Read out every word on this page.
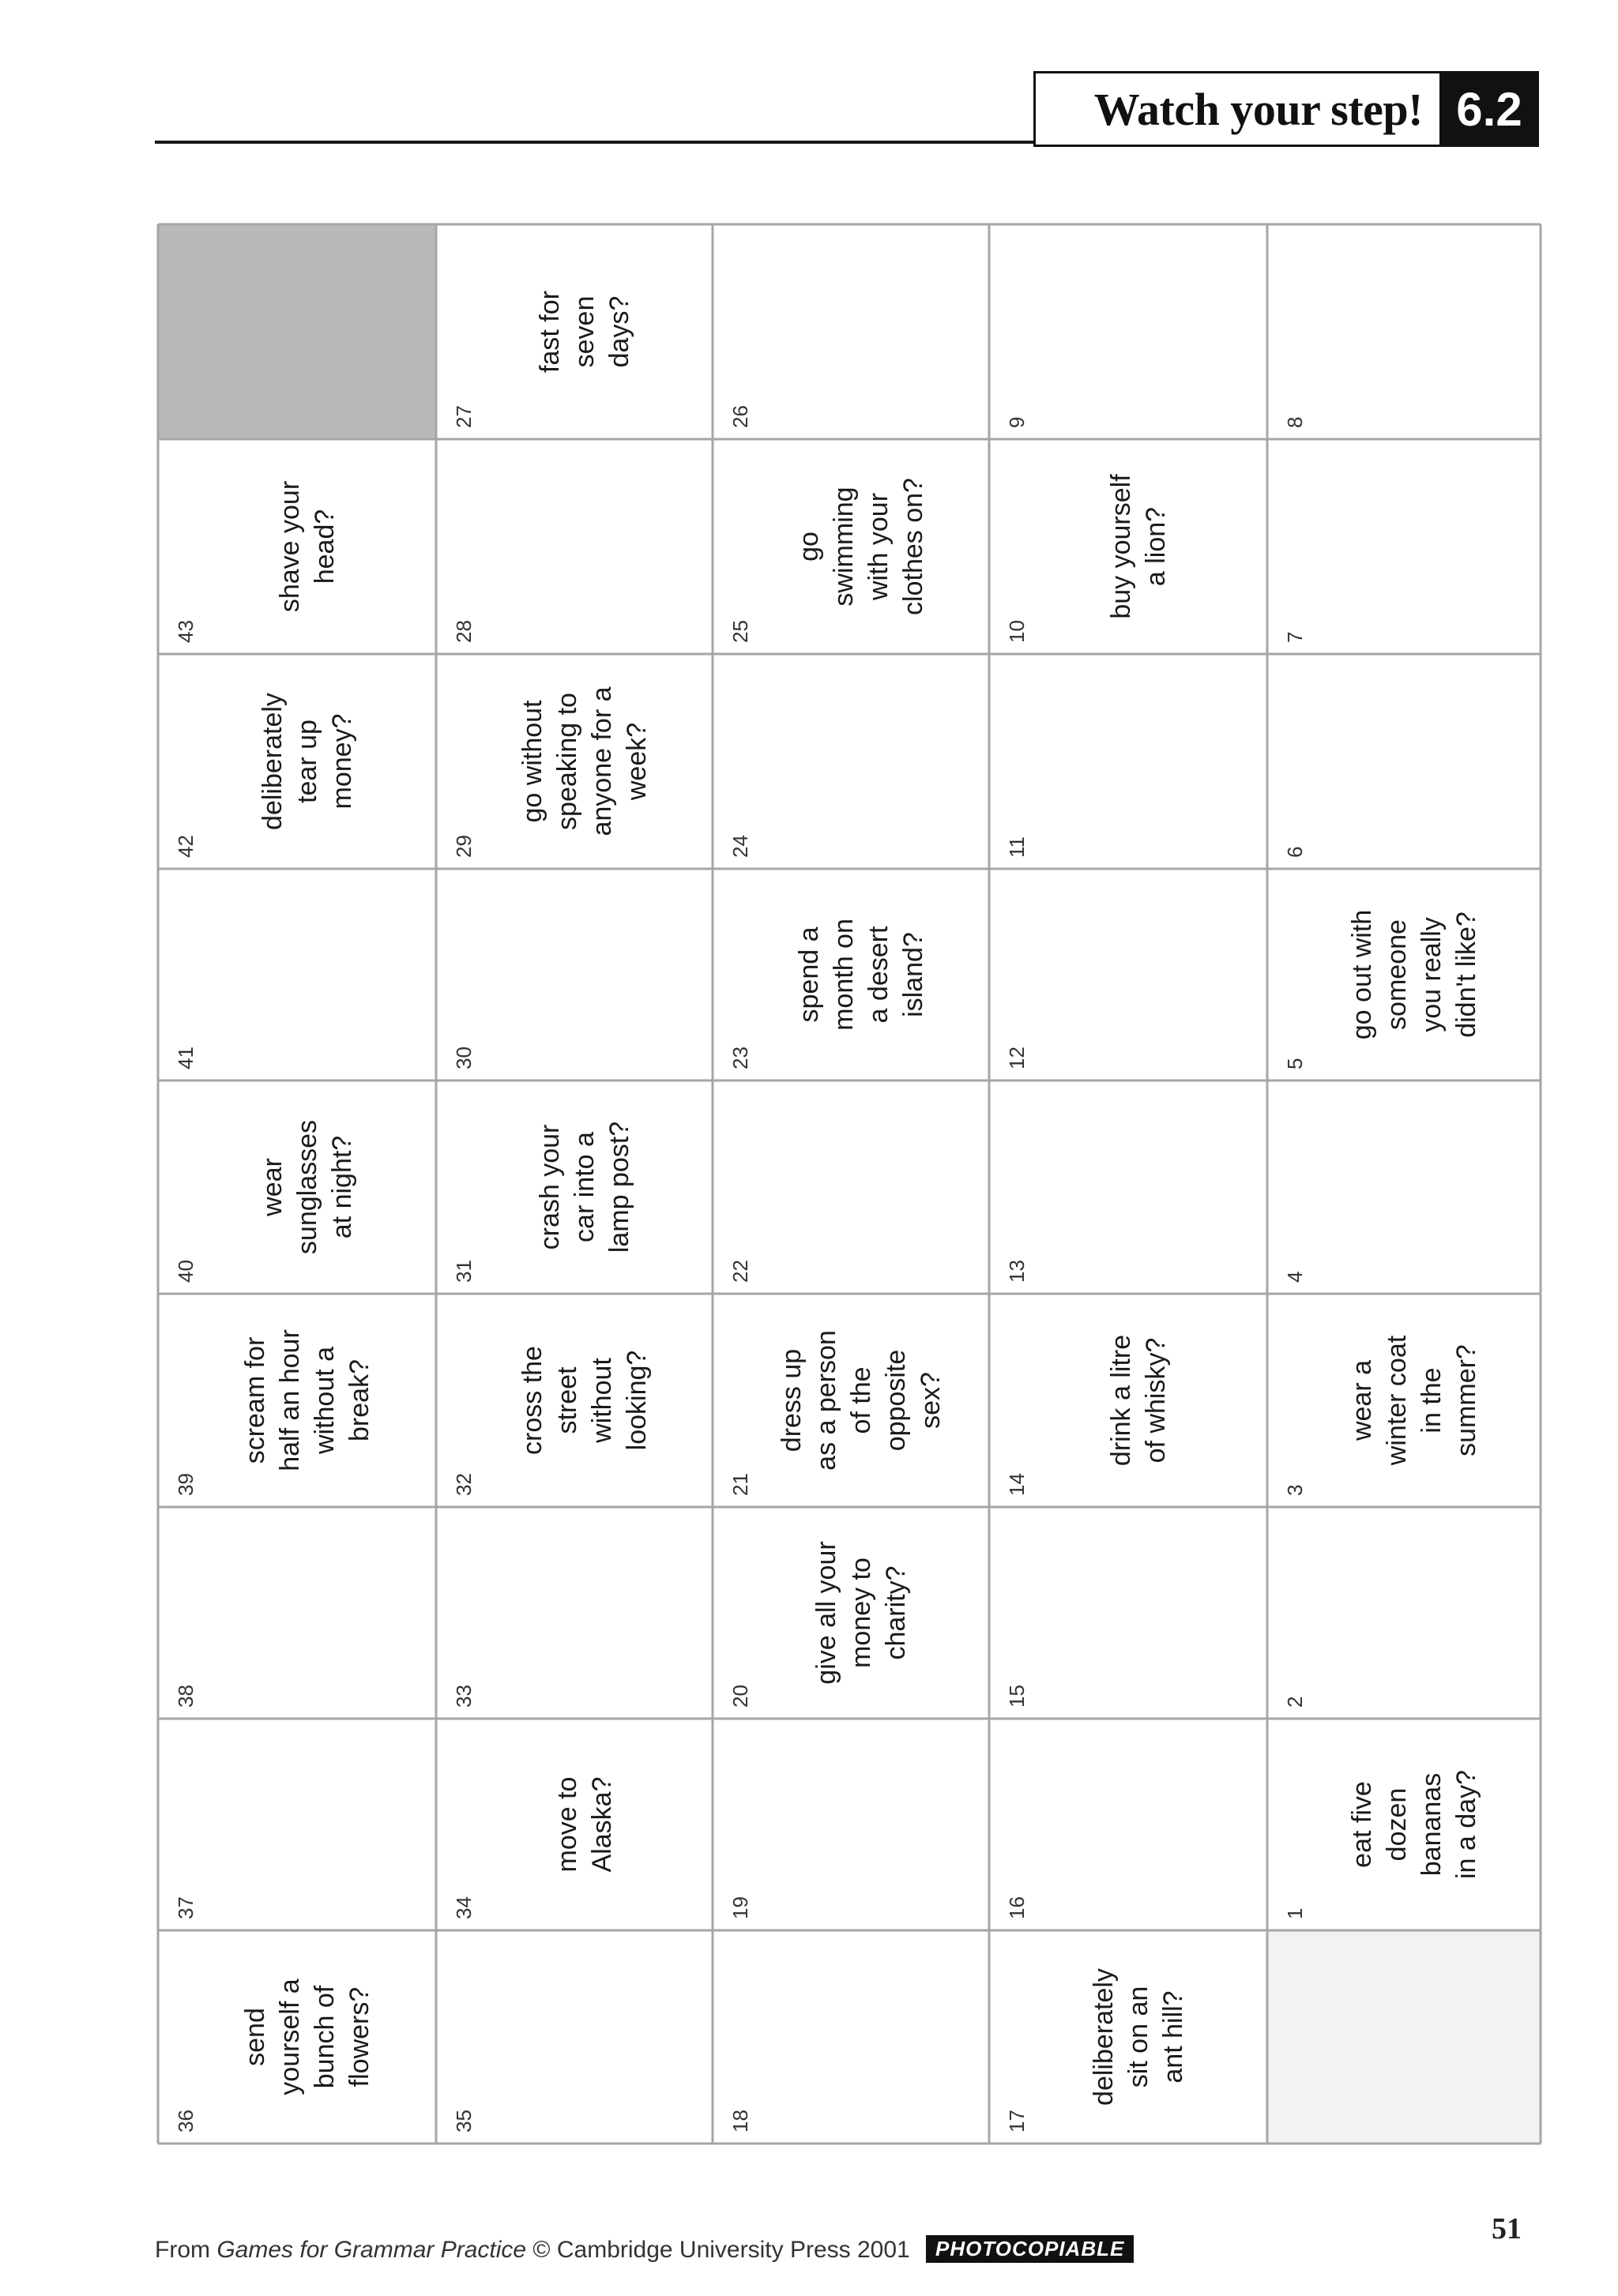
Watch your step! 6.2
1
eat five dozen bananas in a day?
2
3
wear a winter coat in the summer?
4
5
go out with someone you really didn't like?
6
7
8
9
10
buy yourself a lion?
11
12
13
14
drink a litre of whisky?
15
16
17
deliberately sit on an ant hill?
18
19
20
give all your money to charity?
21
dress up as a person of the opposite sex?
22
23
spend a month on a desert island?
24
25
go swimming with your clothes on?
26
27
fast for seven days?
28
29
go without speaking to anyone for a week?
30
31
crash your car into a lamp post?
32
cross the street without looking?
33
34
move to Alaska?
35
36
send yourself a bunch of flowers?
37
38
39
scream for half an hour without a break?
40
wear sunglasses at night?
41
42
deliberately tear up money?
43
shave your head?
From Games for Grammar Practice © Cambridge University Press 2001	PHOTOCOPIABLE
51
